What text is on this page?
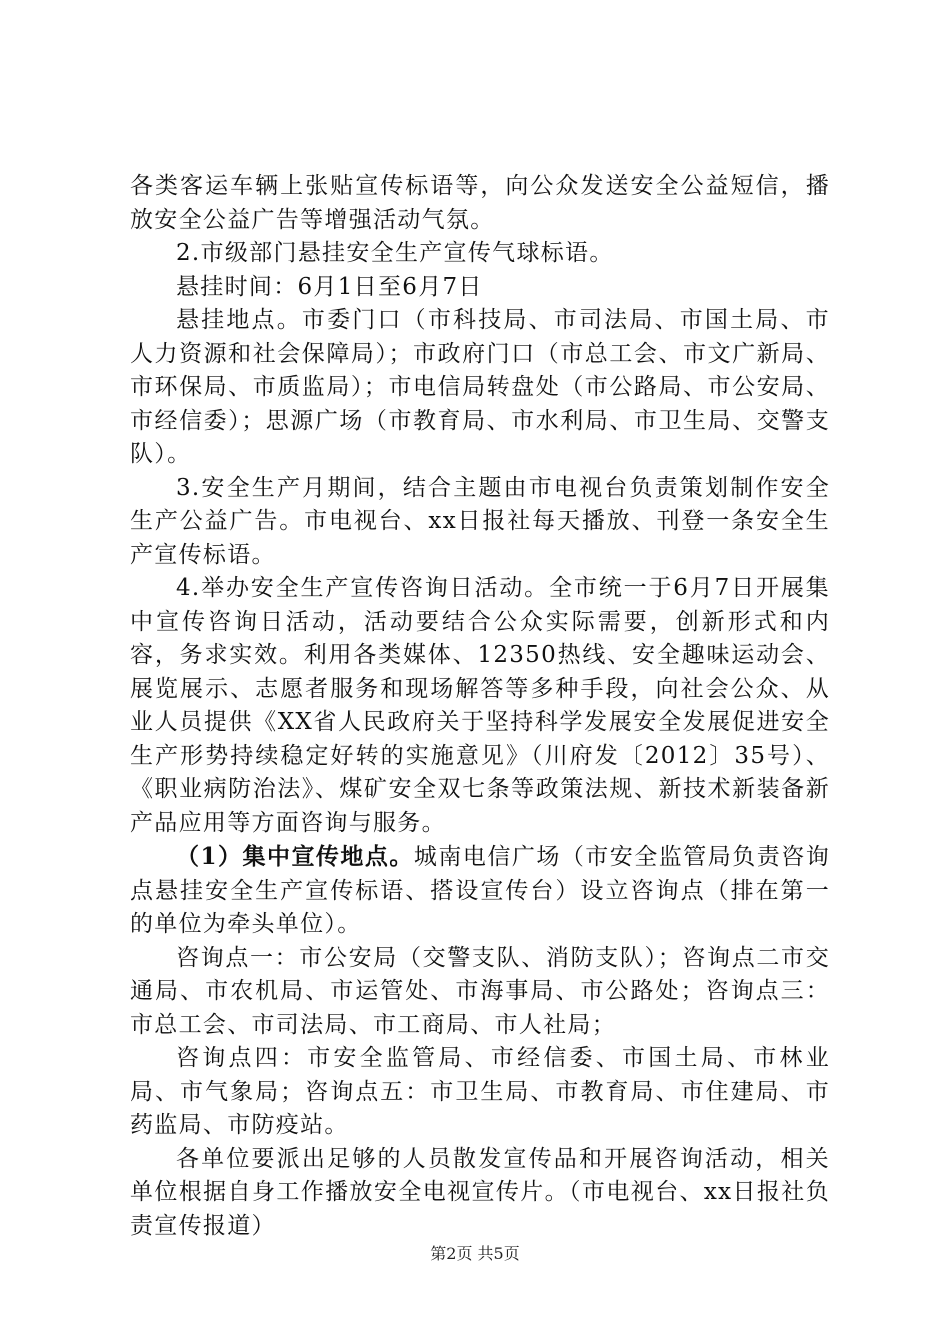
各类客运车辆上张贴宣传标语等，向公众发送安全公益短信，播放安全公益广告等增强活动气氛。

2.市级部门悬挂安全生产宣传气球标语。

悬挂时间：6月1日至6月7日

悬挂地点。市委门口（市科技局、市司法局、市国土局、市人力资源和社会保障局）；市政府门口（市总工会、市文广新局、市环保局、市质监局）；市电信局转盘处（市公路局、市公安局、市经信委）；思源广场（市教育局、市水利局、市卫生局、交警支队）。

3.安全生产月期间，结合主题由市电视台负责策划制作安全生产公益广告。市电视台、xx日报社每天播放、刊登一条安全生产宣传标语。

4.举办安全生产宣传咨询日活动。全市统一于6月7日开展集中宣传咨询日活动，活动要结合公众实际需要，创新形式和内容，务求实效。利用各类媒体、12350热线、安全趣味运动会、展览展示、志愿者服务和现场解答等多种手段，向社会公众、从业人员提供《XX省人民政府关于坚持科学发展安全发展促进安全生产形势持续稳定好转的实施意见》（川府发〔2012〕35号）、《职业病防治法》、煤矿安全双七条等政策法规、新技术新装备新产品应用等方面咨询与服务。

（1）集中宣传地点。城南电信广场（市安全监管局负责咨询点悬挂安全生产宣传标语、搭设宣传台）设立咨询点（排在第一的单位为牵头单位）。

咨询点一：市公安局（交警支队、消防支队）；咨询点二市交通局、市农机局、市运管处、市海事局、市公路处；咨询点三：市总工会、市司法局、市工商局、市人社局；

咨询点四：市安全监管局、市经信委、市国土局、市林业局、市气象局；咨询点五：市卫生局、市教育局、市住建局、市药监局、市防疫站。

各单位要派出足够的人员散发宣传品和开展咨询活动，相关单位根据自身工作播放安全电视宣传片。（市电视台、xx日报社负责宣传报道）

第2页 共5页
